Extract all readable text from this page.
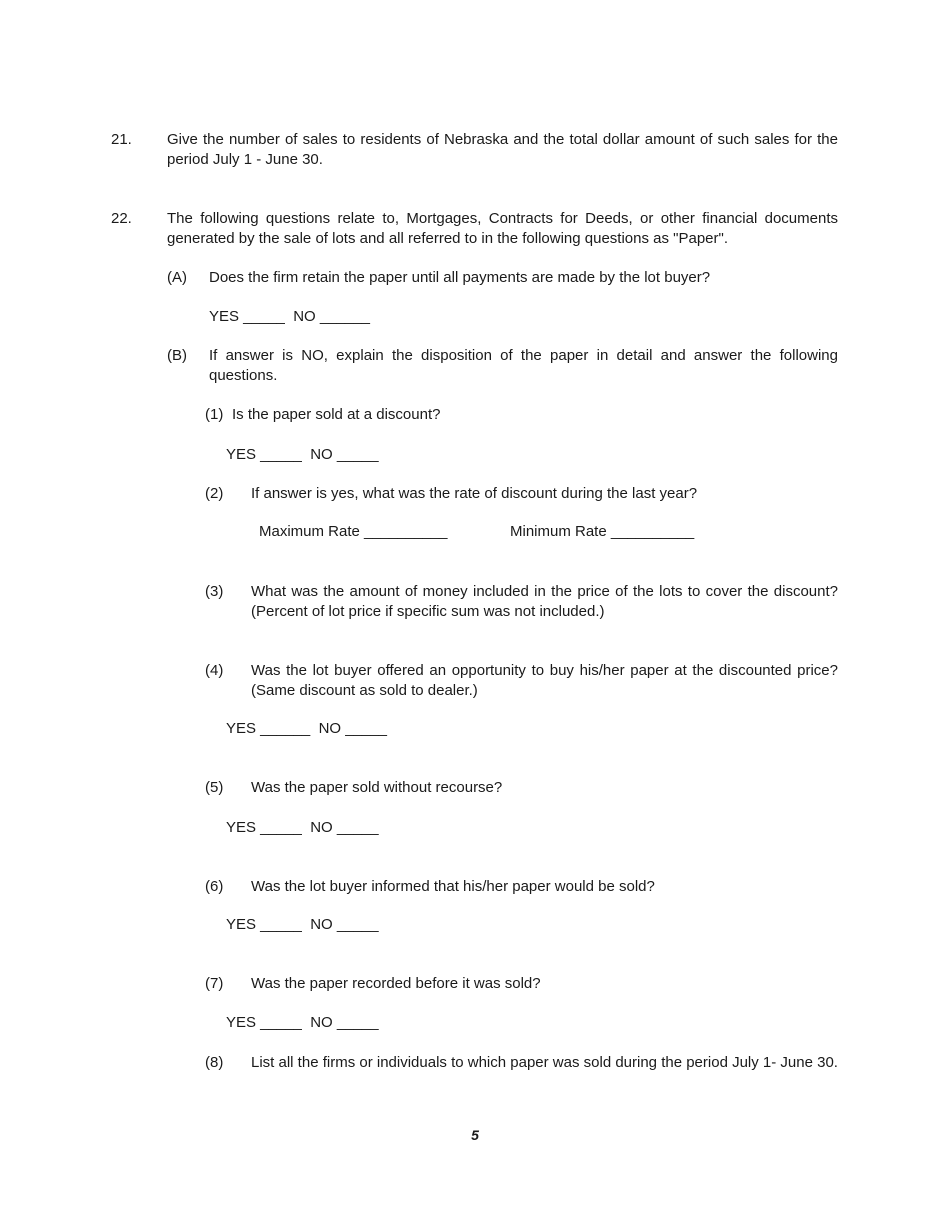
21. Give the number of sales to residents of Nebraska and the total dollar amount of such sales for the period July 1 - June 30.
22. The following questions relate to, Mortgages, Contracts for Deeds, or other financial documents generated by the sale of lots and all referred to in the following questions as "Paper".
(A) Does the firm retain the paper until all payments are made by the lot buyer?
YES _____  NO ______
(B) If answer is NO, explain the disposition of the paper in detail and answer the following questions.
(1) Is the paper sold at a discount?
YES _____  NO _____
(2) If answer is yes, what was the rate of discount during the last year?
Maximum Rate __________	Minimum Rate __________
(3) What was the amount of money included in the price of the lots to cover the discount? (Percent of lot price if specific sum was not included.)
(4) Was the lot buyer offered an opportunity to buy his/her paper at the discounted price? (Same discount as sold to dealer.)
YES ______  NO _____
(5) Was the paper sold without recourse?
YES _____  NO _____
(6) Was the lot buyer informed that his/her paper would be sold?
YES _____  NO _____
(7) Was the paper recorded before it was sold?
YES _____  NO _____
(8) List all the firms or individuals to which paper was sold during the period July 1- June 30.
5
